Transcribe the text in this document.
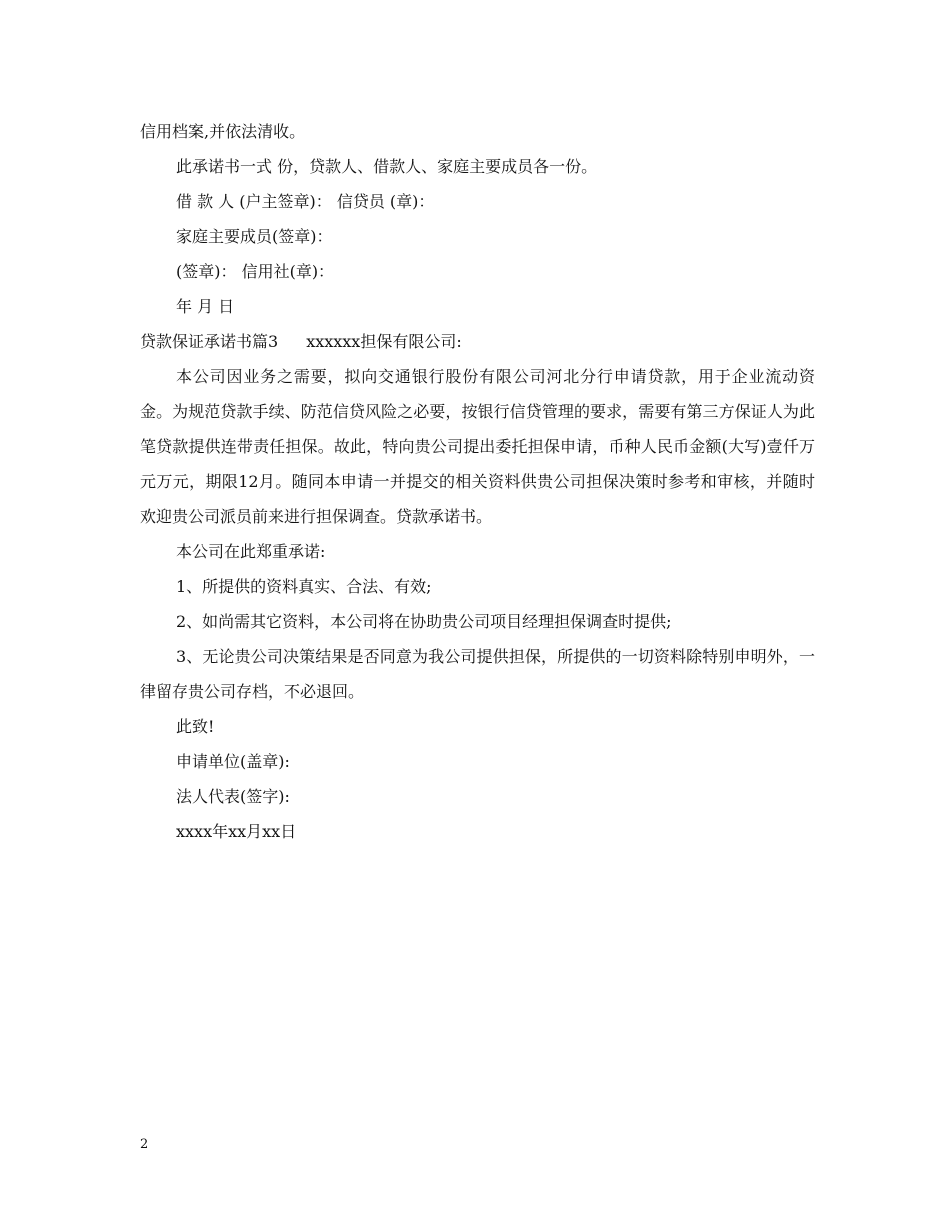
信用档案,并依法清收。

此承诺书一式 份，贷款人、借款人、家庭主要成员各一份。

借 款 人 (户主签章)： 信贷员 (章)：

家庭主要成员(签章)：

(签章)： 信用社(章)：

年 月 日

贷款保证承诺书篇3 xxxxxx担保有限公司:

本公司因业务之需要，拟向交通银行股份有限公司河北分行申请贷款，用于企业流动资金。为规范贷款手续、防范信贷风险之必要，按银行信贷管理的要求，需要有第三方保证人为此笔贷款提供连带责任担保。故此，特向贵公司提出委托担保申请，币种人民币金额(大写)壹仟万元万元，期限12月。随同本申请一并提交的相关资料供贵公司担保决策时参考和审核，并随时欢迎贵公司派员前来进行担保调查。贷款承诺书。

本公司在此郑重承诺:

1、所提供的资料真实、合法、有效;

2、如尚需其它资料，本公司将在协助贵公司项目经理担保调查时提供;

3、无论贵公司决策结果是否同意为我公司提供担保，所提供的一切资料除特别申明外，一律留存贵公司存档，不必退回。

此致!

申请单位(盖章):

法人代表(签字):

xxxx年xx月xx日

2
